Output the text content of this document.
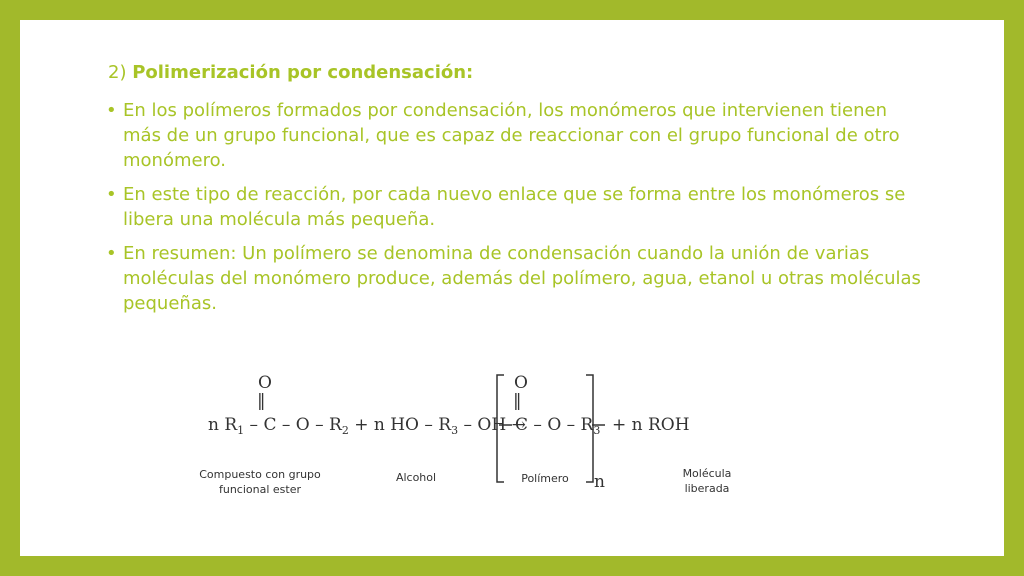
2) Polimerización por condensación:
• En los polímeros formados por condensación, los monómeros que intervienen tienen más de un grupo funcional, que es capaz de reaccionar con el grupo funcional de otro monómero.
• En este tipo de reacción, por cada nuevo enlace que se forma entre los monómeros se libera una molécula más pequeña.
• En resumen: Un polímero se denomina de condensación cuando la unión de varias moléculas del monómero produce, además del polímero, agua, etanol u otras moléculas pequeñas.
O
‖
n $R_1 - C - O - R_2 + n$ HO – $R_3$ – OH →
O
‖
$C - O - R_3 + n$ ROH
n
Compuesto con grupo
funcional ester
Alcohol	Polímero	Molécula
liberada
